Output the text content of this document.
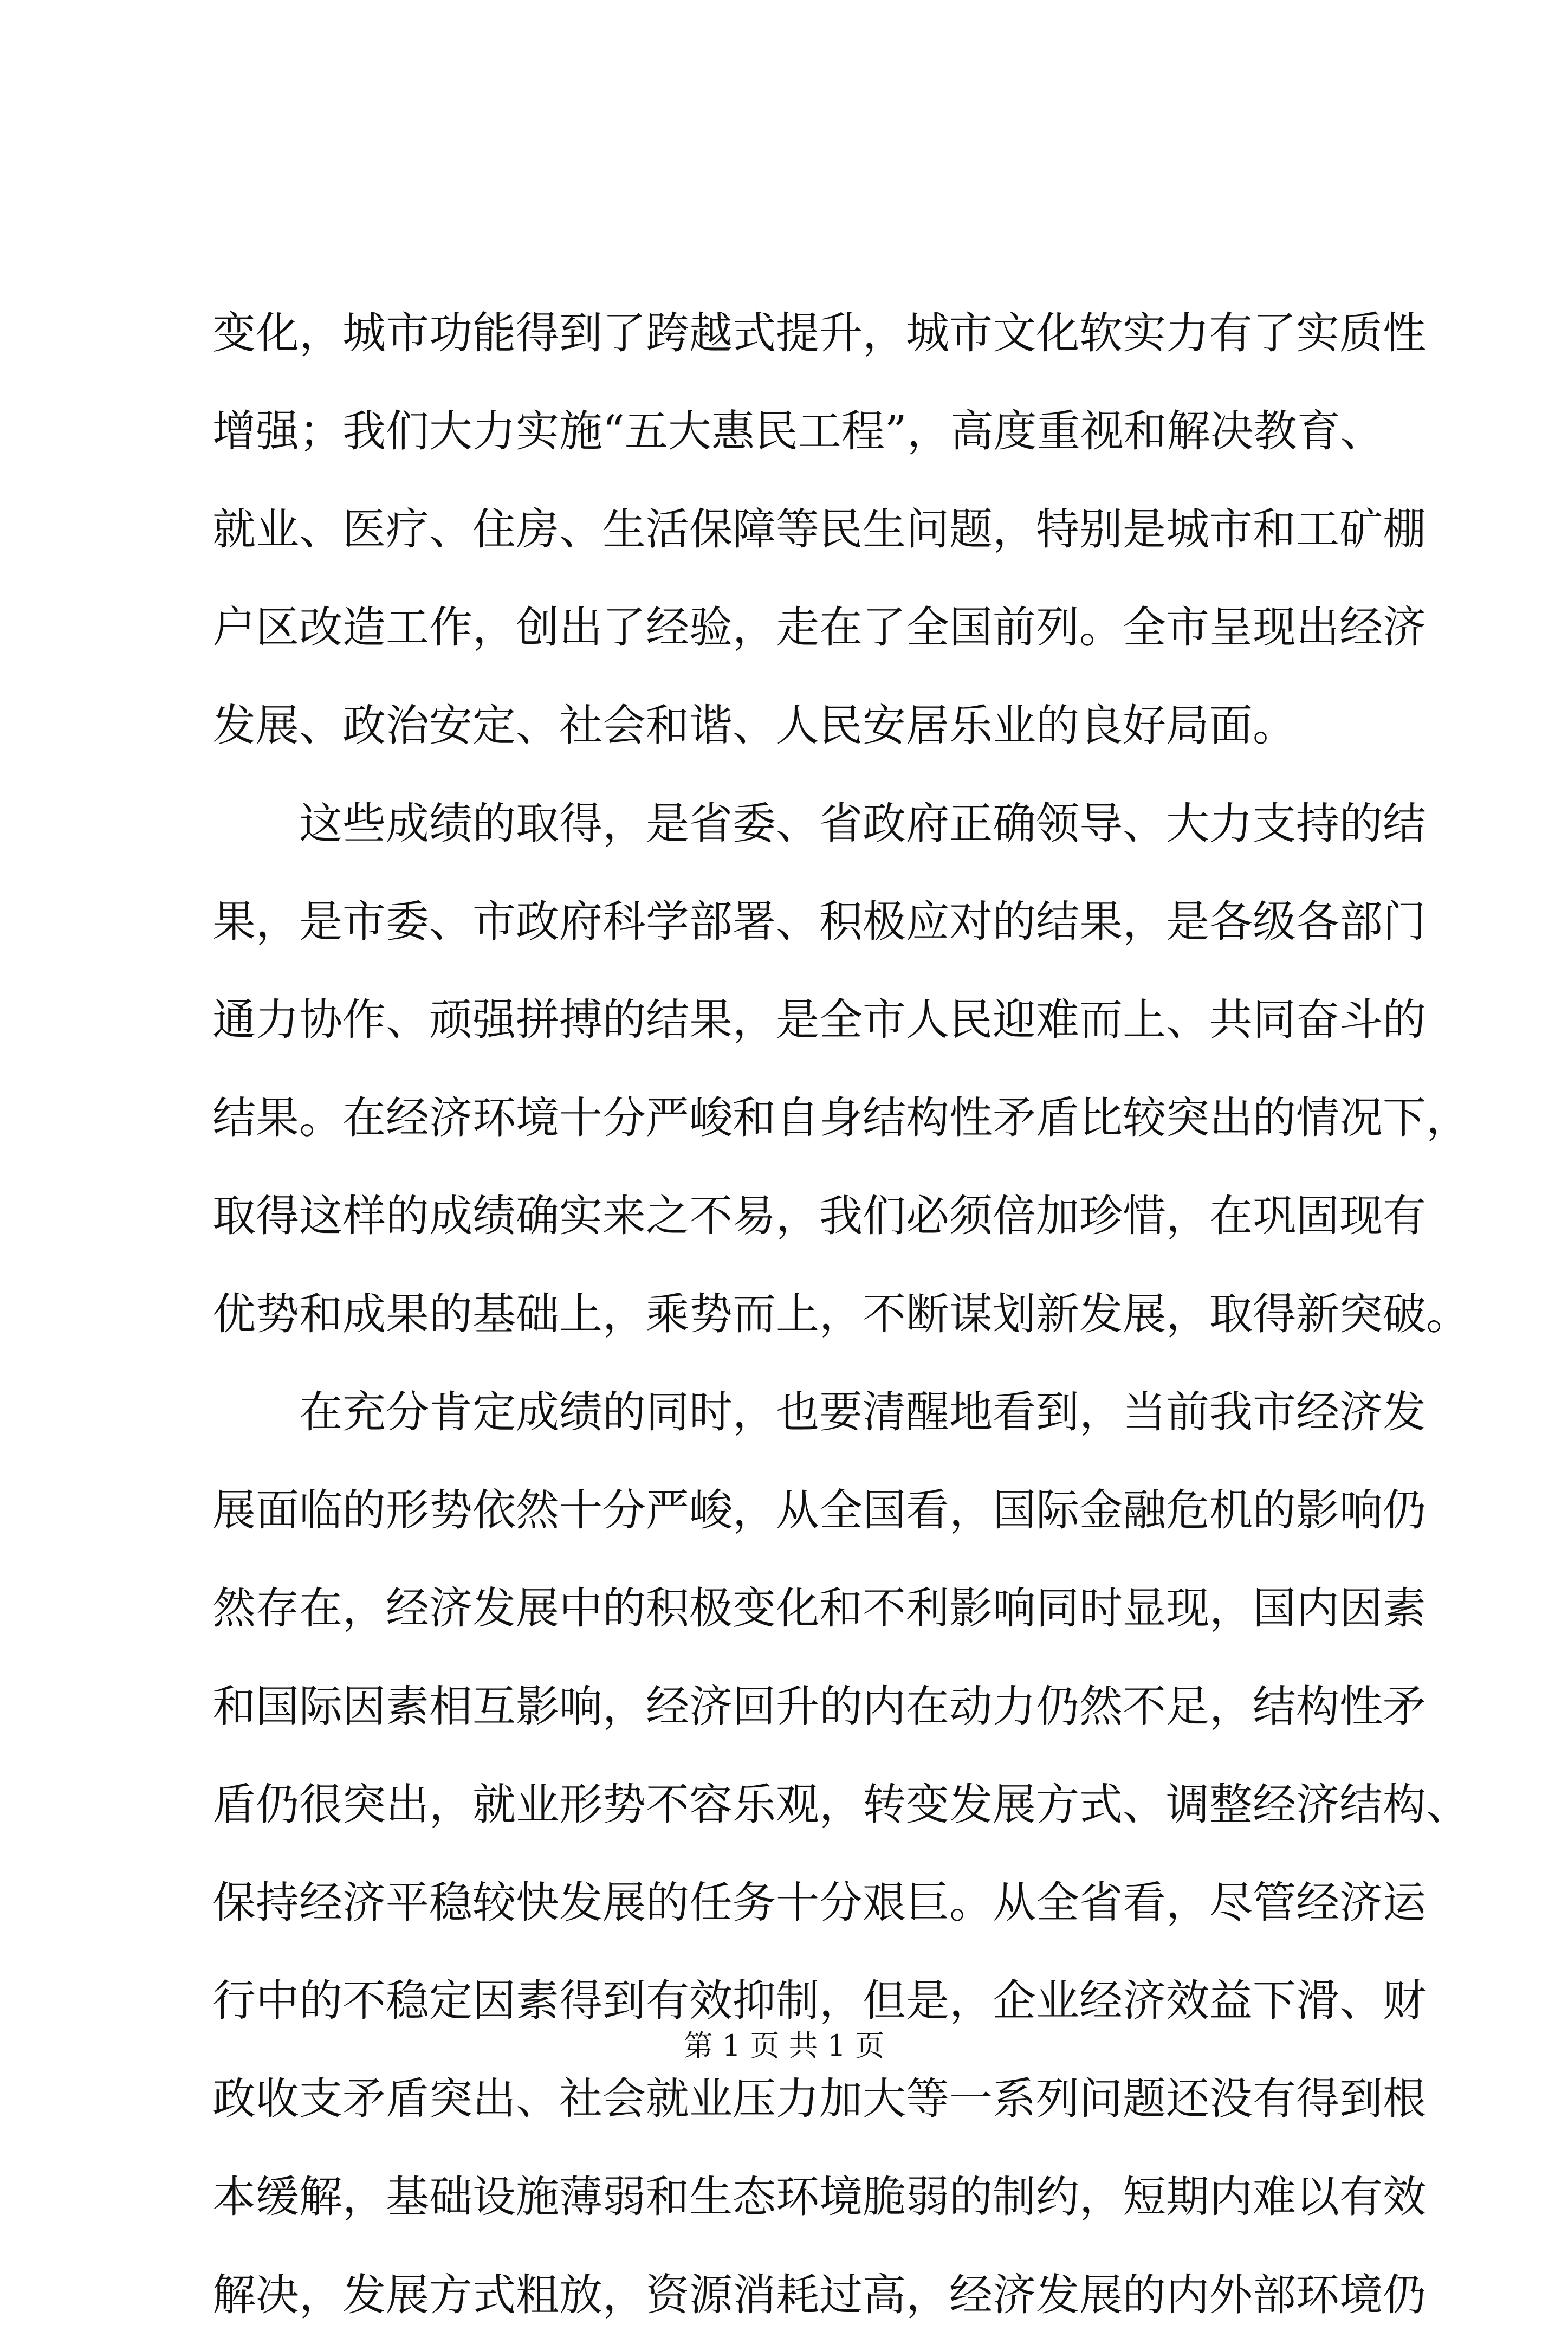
变化，城市功能得到了跨越式提升，城市文化软实力有了实质性
增强；我们大力实施“五大惠民工程”，高度重视和解决教育、
就业、医疗、住房、生活保障等民生问题，特别是城市和工矿棚
户区改造工作，创出了经验，走在了全国前列。全市呈现出经济
发展、政治安定、社会和谐、人民安居乐业的良好局面。
这些成绩的取得，是省委、省政府正确领导、大力支持的结
果，是市委、市政府科学部署、积极应对的结果，是各级各部门
通力协作、顽强拼搏的结果，是全市人民迎难而上、共同奋斗的
结果。在经济环境十分严峻和自身结构性矛盾比较突出的情况下，
取得这样的成绩确实来之不易，我们必须倍加珍惜，在巩固现有
优势和成果的基础上，乘势而上，不断谋划新发展，取得新突破。
在充分肯定成绩的同时，也要清醒地看到，当前我市经济发
展面临的形势依然十分严峻，从全国看，国际金融危机的影响仍
然存在，经济发展中的积极变化和不利影响同时显现，国内因素
和国际因素相互影响，经济回升的内在动力仍然不足，结构性矛
盾仍很突出，就业形势不容乐观，转变发展方式、调整经济结构、
保持经济平稳较快发展的任务十分艰巨。从全省看，尽管经济运
行中的不稳定因素得到有效抑制，但是，企业经济效益下滑、财
政收支矛盾突出、社会就业压力加大等一系列问题还没有得到根
本缓解，基础设施薄弱和生态环境脆弱的制约，短期内难以有效
解决，发展方式粗放，资源消耗过高，经济发展的内外部环境仍
第 1 页 共 1 页
